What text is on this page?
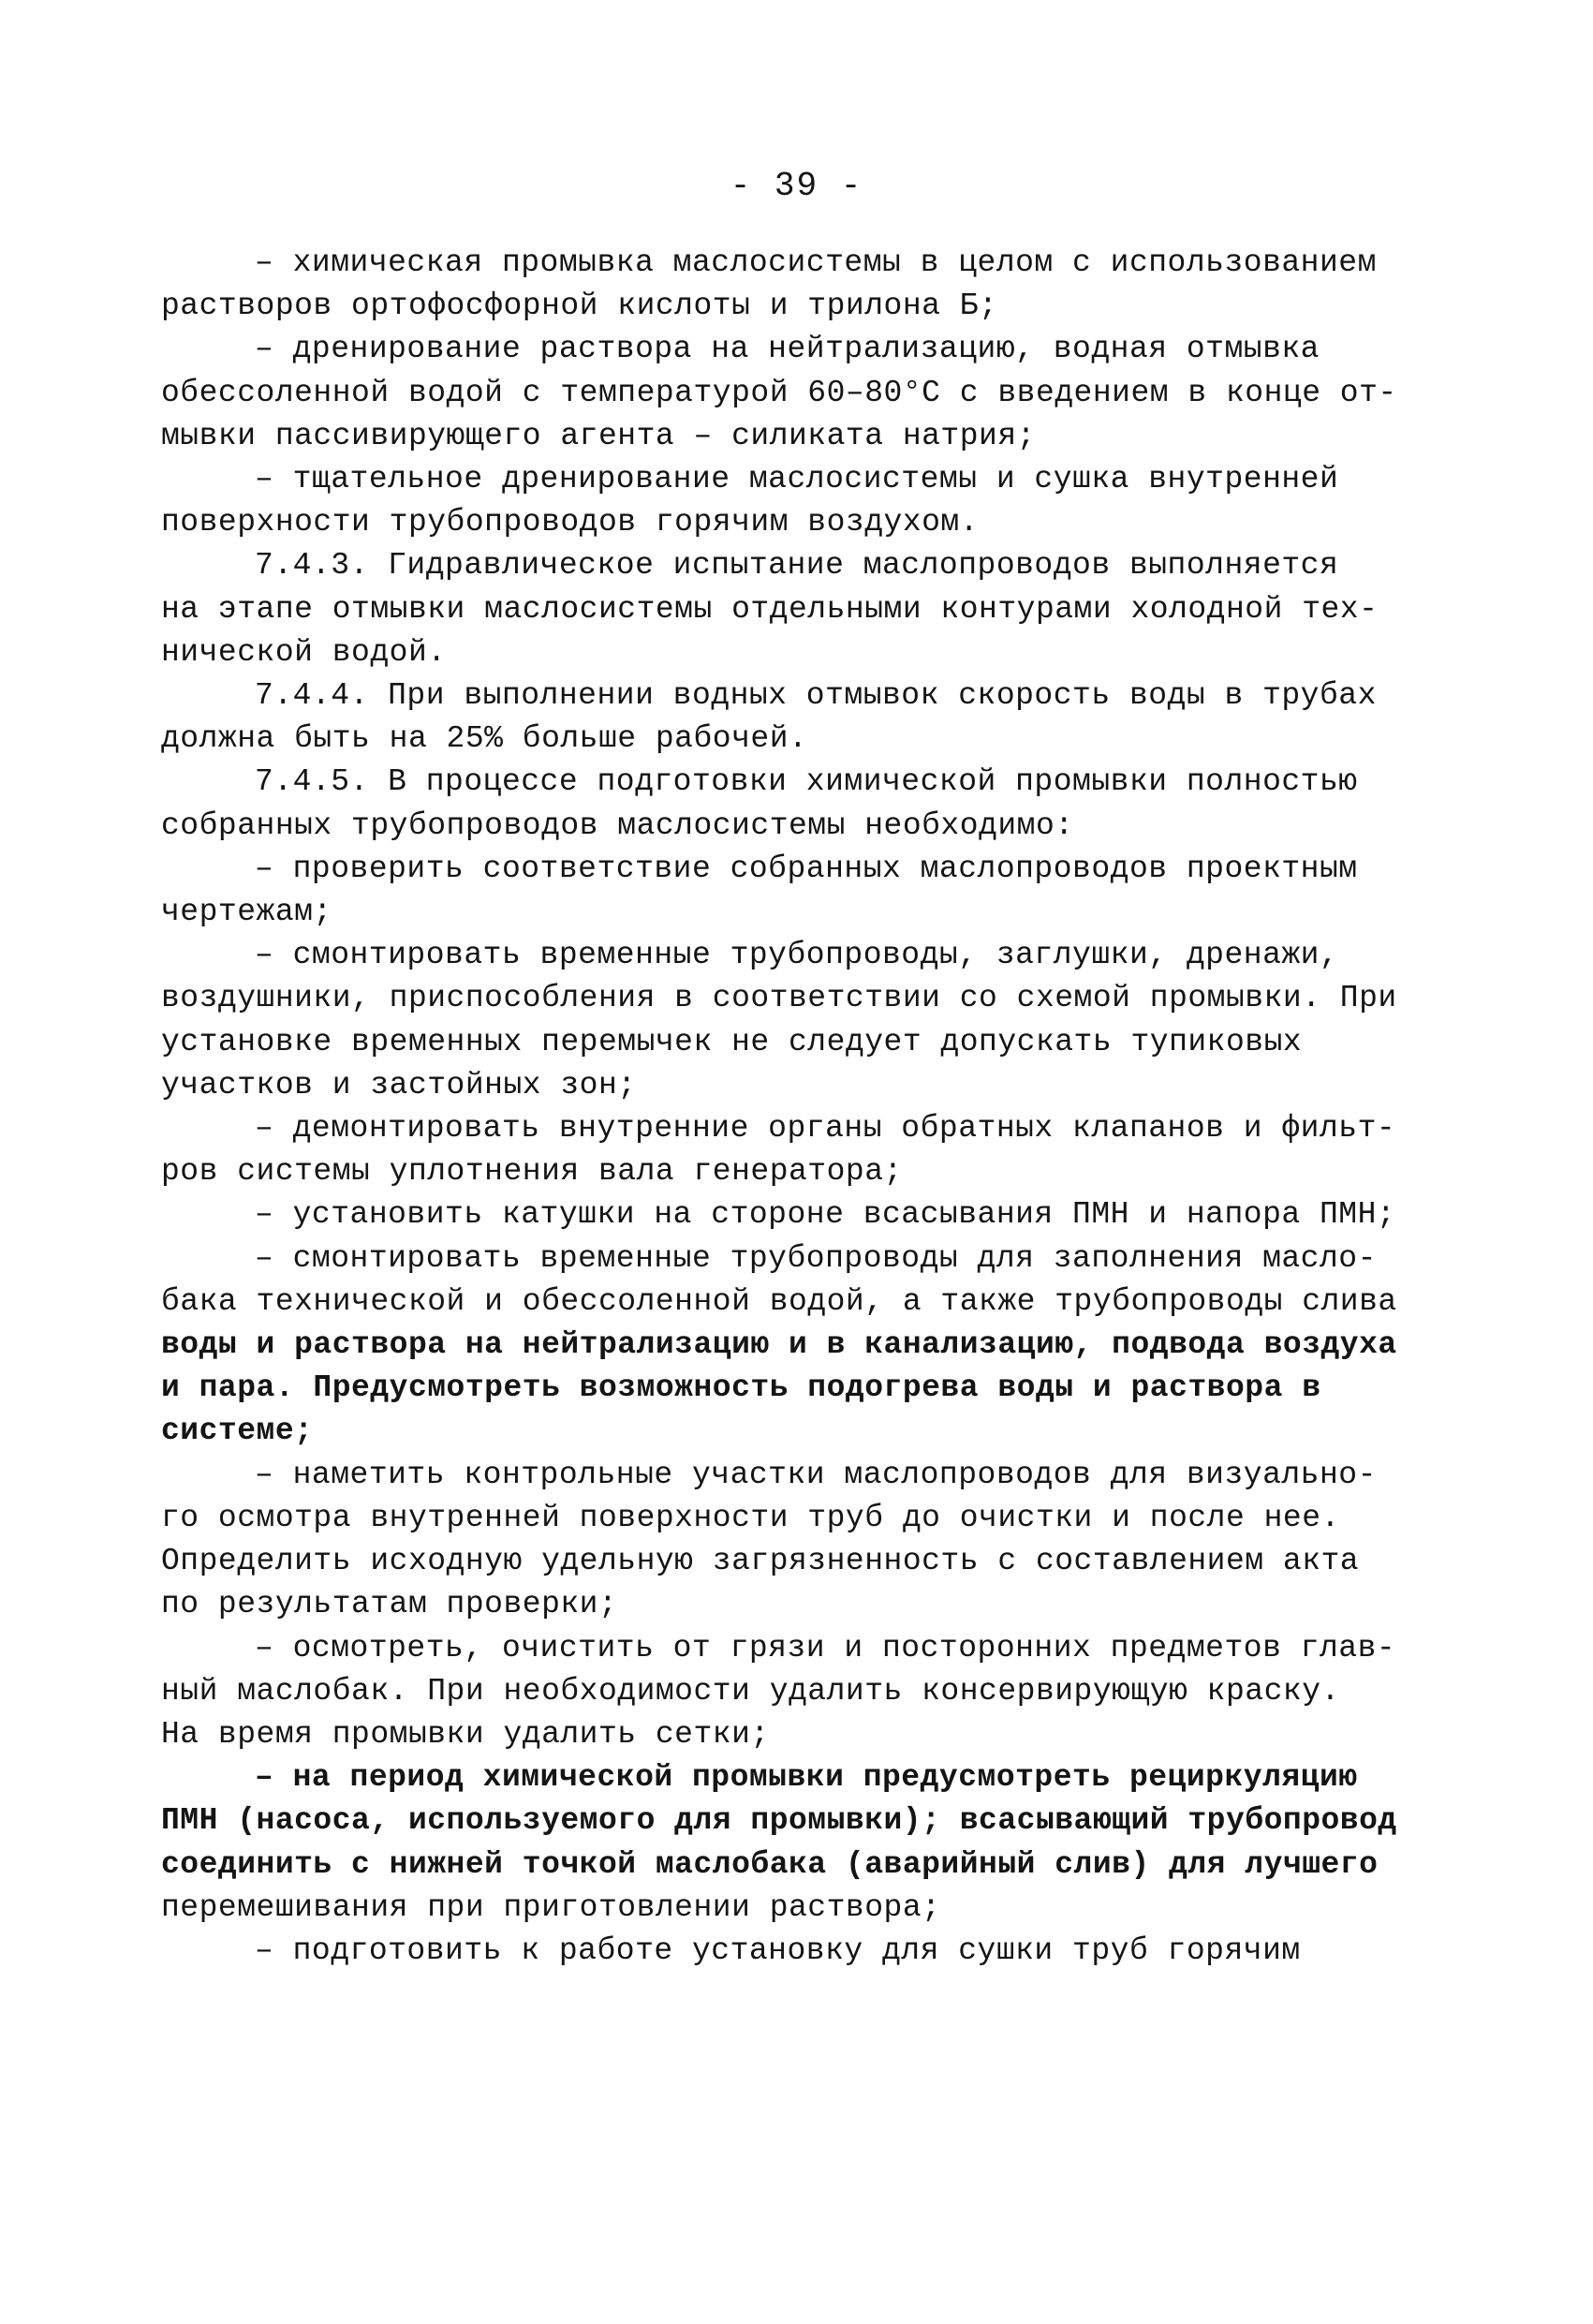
- 39 -
– химическая промывка маслосистемы в целом с использованием
растворов ортофосфорной кислоты и трилона Б;
– дренирование раствора на нейтрализацию, водная отмывка
обессоленной водой с температурой 60–80°С с введением в конце от-
мывки пассивирующего агента – силиката натрия;
– тщательное дренирование маслосистемы и сушка внутренней
поверхности трубопроводов горячим воздухом.
7.4.3. Гидравлическое испытание маслопроводов выполняется
на этапе отмывки маслосистемы отдельными контурами холодной тех-
нической водой.
7.4.4. При выполнении водных отмывок скорость воды в трубах
должна быть на 25% больше рабочей.
7.4.5. В процессе подготовки химической промывки полностью
собранных трубопроводов маслосистемы необходимо:
– проверить соответствие собранных маслопроводов проектным
чертежам;
– смонтировать временные трубопроводы, заглушки, дренажи,
воздушники, приспособления в соответствии со схемой промывки. При
установке временных перемычек не следует допускать тупиковых
участков и застойных зон;
– демонтировать внутренние органы обратных клапанов и фильт-
ров системы уплотнения вала генератора;
– установить катушки на стороне всасывания ПМН и напора ПМН;
– смонтировать временные трубопроводы для заполнения масло-
бака технической и обессоленной водой, а также трубопроводы слива
воды и раствора на нейтрализацию и в канализацию, подвода воздуха
и пара. Предусмотреть возможность подогрева воды и раствора в
системе;
– наметить контрольные участки маслопроводов для визуально-
го осмотра внутренней поверхности труб до очистки и после нее.
Определить исходную удельную загрязненность с составлением акта
по результатам проверки;
– осмотреть, очистить от грязи и посторонних предметов глав-
ный маслобак. При необходимости удалить консервирующую краску.
На время промывки удалить сетки;
– на период химической промывки предусмотреть рециркуляцию
ПМН (насоса, используемого для промывки); всасывающий трубопровод
соединить с нижней точкой маслобака (аварийный слив) для лучшего
перемешивания при приготовлении раствора;
– подготовить к работе установку для сушки труб горячим
